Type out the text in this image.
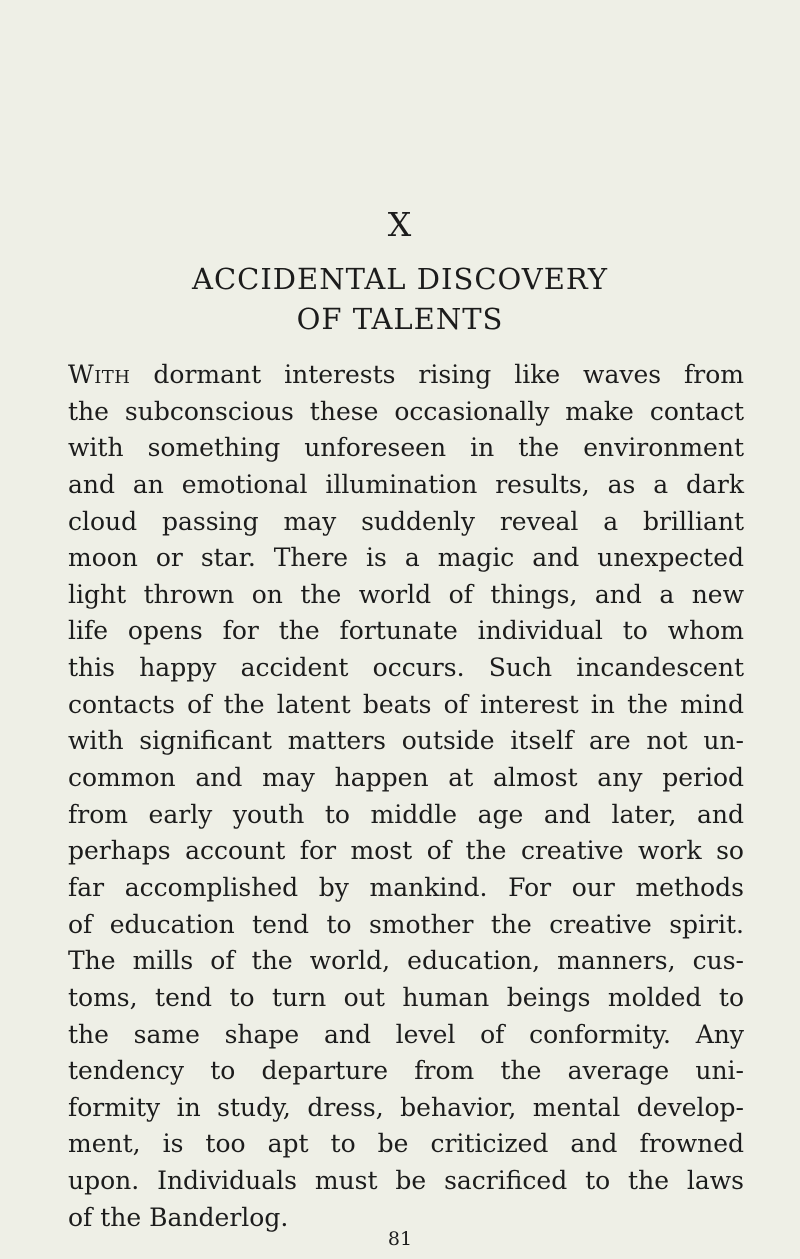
X
ACCIDENTAL DISCOVERY
OF TALENTS
With dormant interests rising like waves from
the subconscious these occasionally make contact
with something unforeseen in the environment
and an emotional illumination results, as a dark
cloud passing may suddenly reveal a brilliant
moon or star. There is a magic and unexpected
light thrown on the world of things, and a new
life opens for the fortunate individual to whom
this happy accident occurs. Such incandescent
contacts of the latent beats of interest in the mind
with significant matters outside itself are not un-
common and may happen at almost any period
from early youth to middle age and later, and
perhaps account for most of the creative work so
far accomplished by mankind. For our methods
of education tend to smother the creative spirit.
The mills of the world, education, manners, cus-
toms, tend to turn out human beings molded to
the same shape and level of conformity. Any
tendency to departure from the average uni-
formity in study, dress, behavior, mental develop-
ment, is too apt to be criticized and frowned
upon. Individuals must be sacrificed to the laws
of the Banderlog.
81
